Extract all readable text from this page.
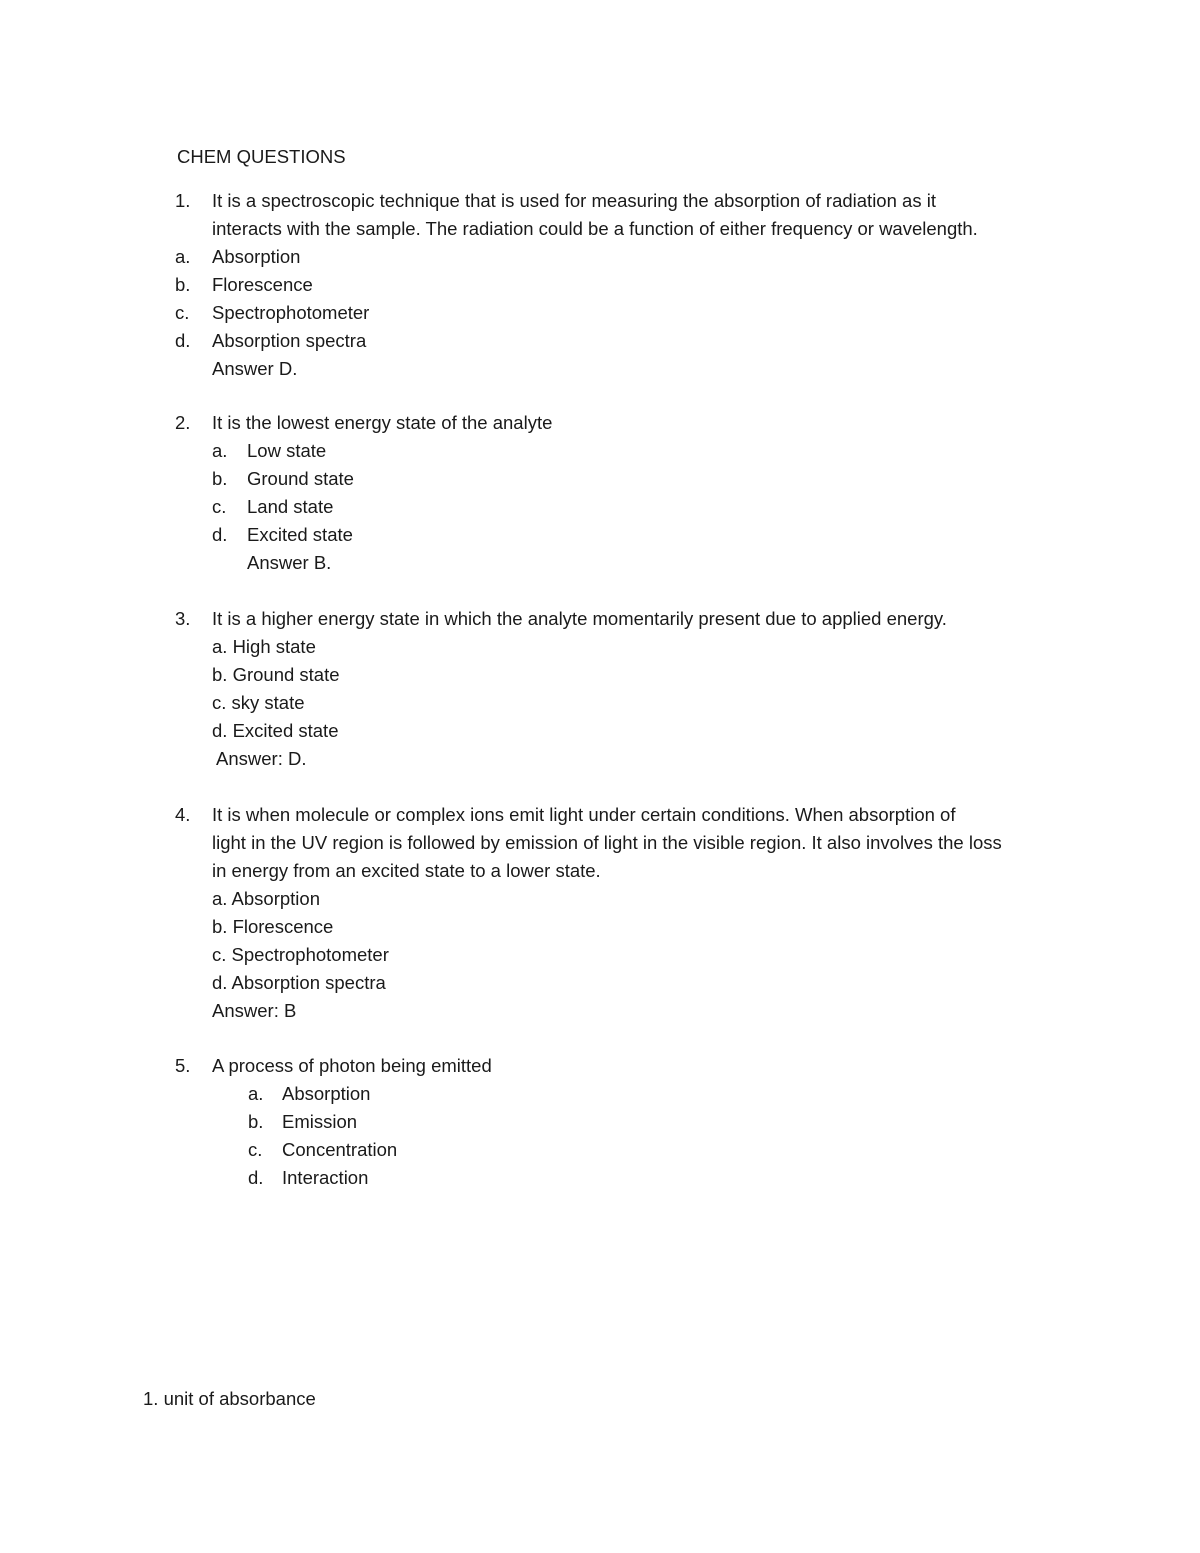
CHEM QUESTIONS
1. It is a spectroscopic technique that is used for measuring the absorption of radiation as it
interacts with the sample. The radiation could be a function of either frequency or wavelength.
a. Absorption
b. Florescence
c. Spectrophotometer
d. Absorption spectra
Answer D.
2. It is the lowest energy state of the analyte
a. Low state
b. Ground state
c. Land state
d. Excited state
Answer B.
3. It is a higher energy state in which the analyte momentarily present due to applied energy.
a. High state
b. Ground state
c. sky state
d. Excited state
Answer: D.
4. It is when molecule or complex ions emit light under certain conditions. When absorption of
light in the UV region is followed by emission of light in the visible region. It also involves the loss
in energy from an excited state to a lower state.
a. Absorption
b. Florescence
c. Spectrophotometer
d. Absorption spectra
Answer: B
5. A process of photon being emitted
a. Absorption
b. Emission
c. Concentration
d. Interaction
1. unit of absorbance
